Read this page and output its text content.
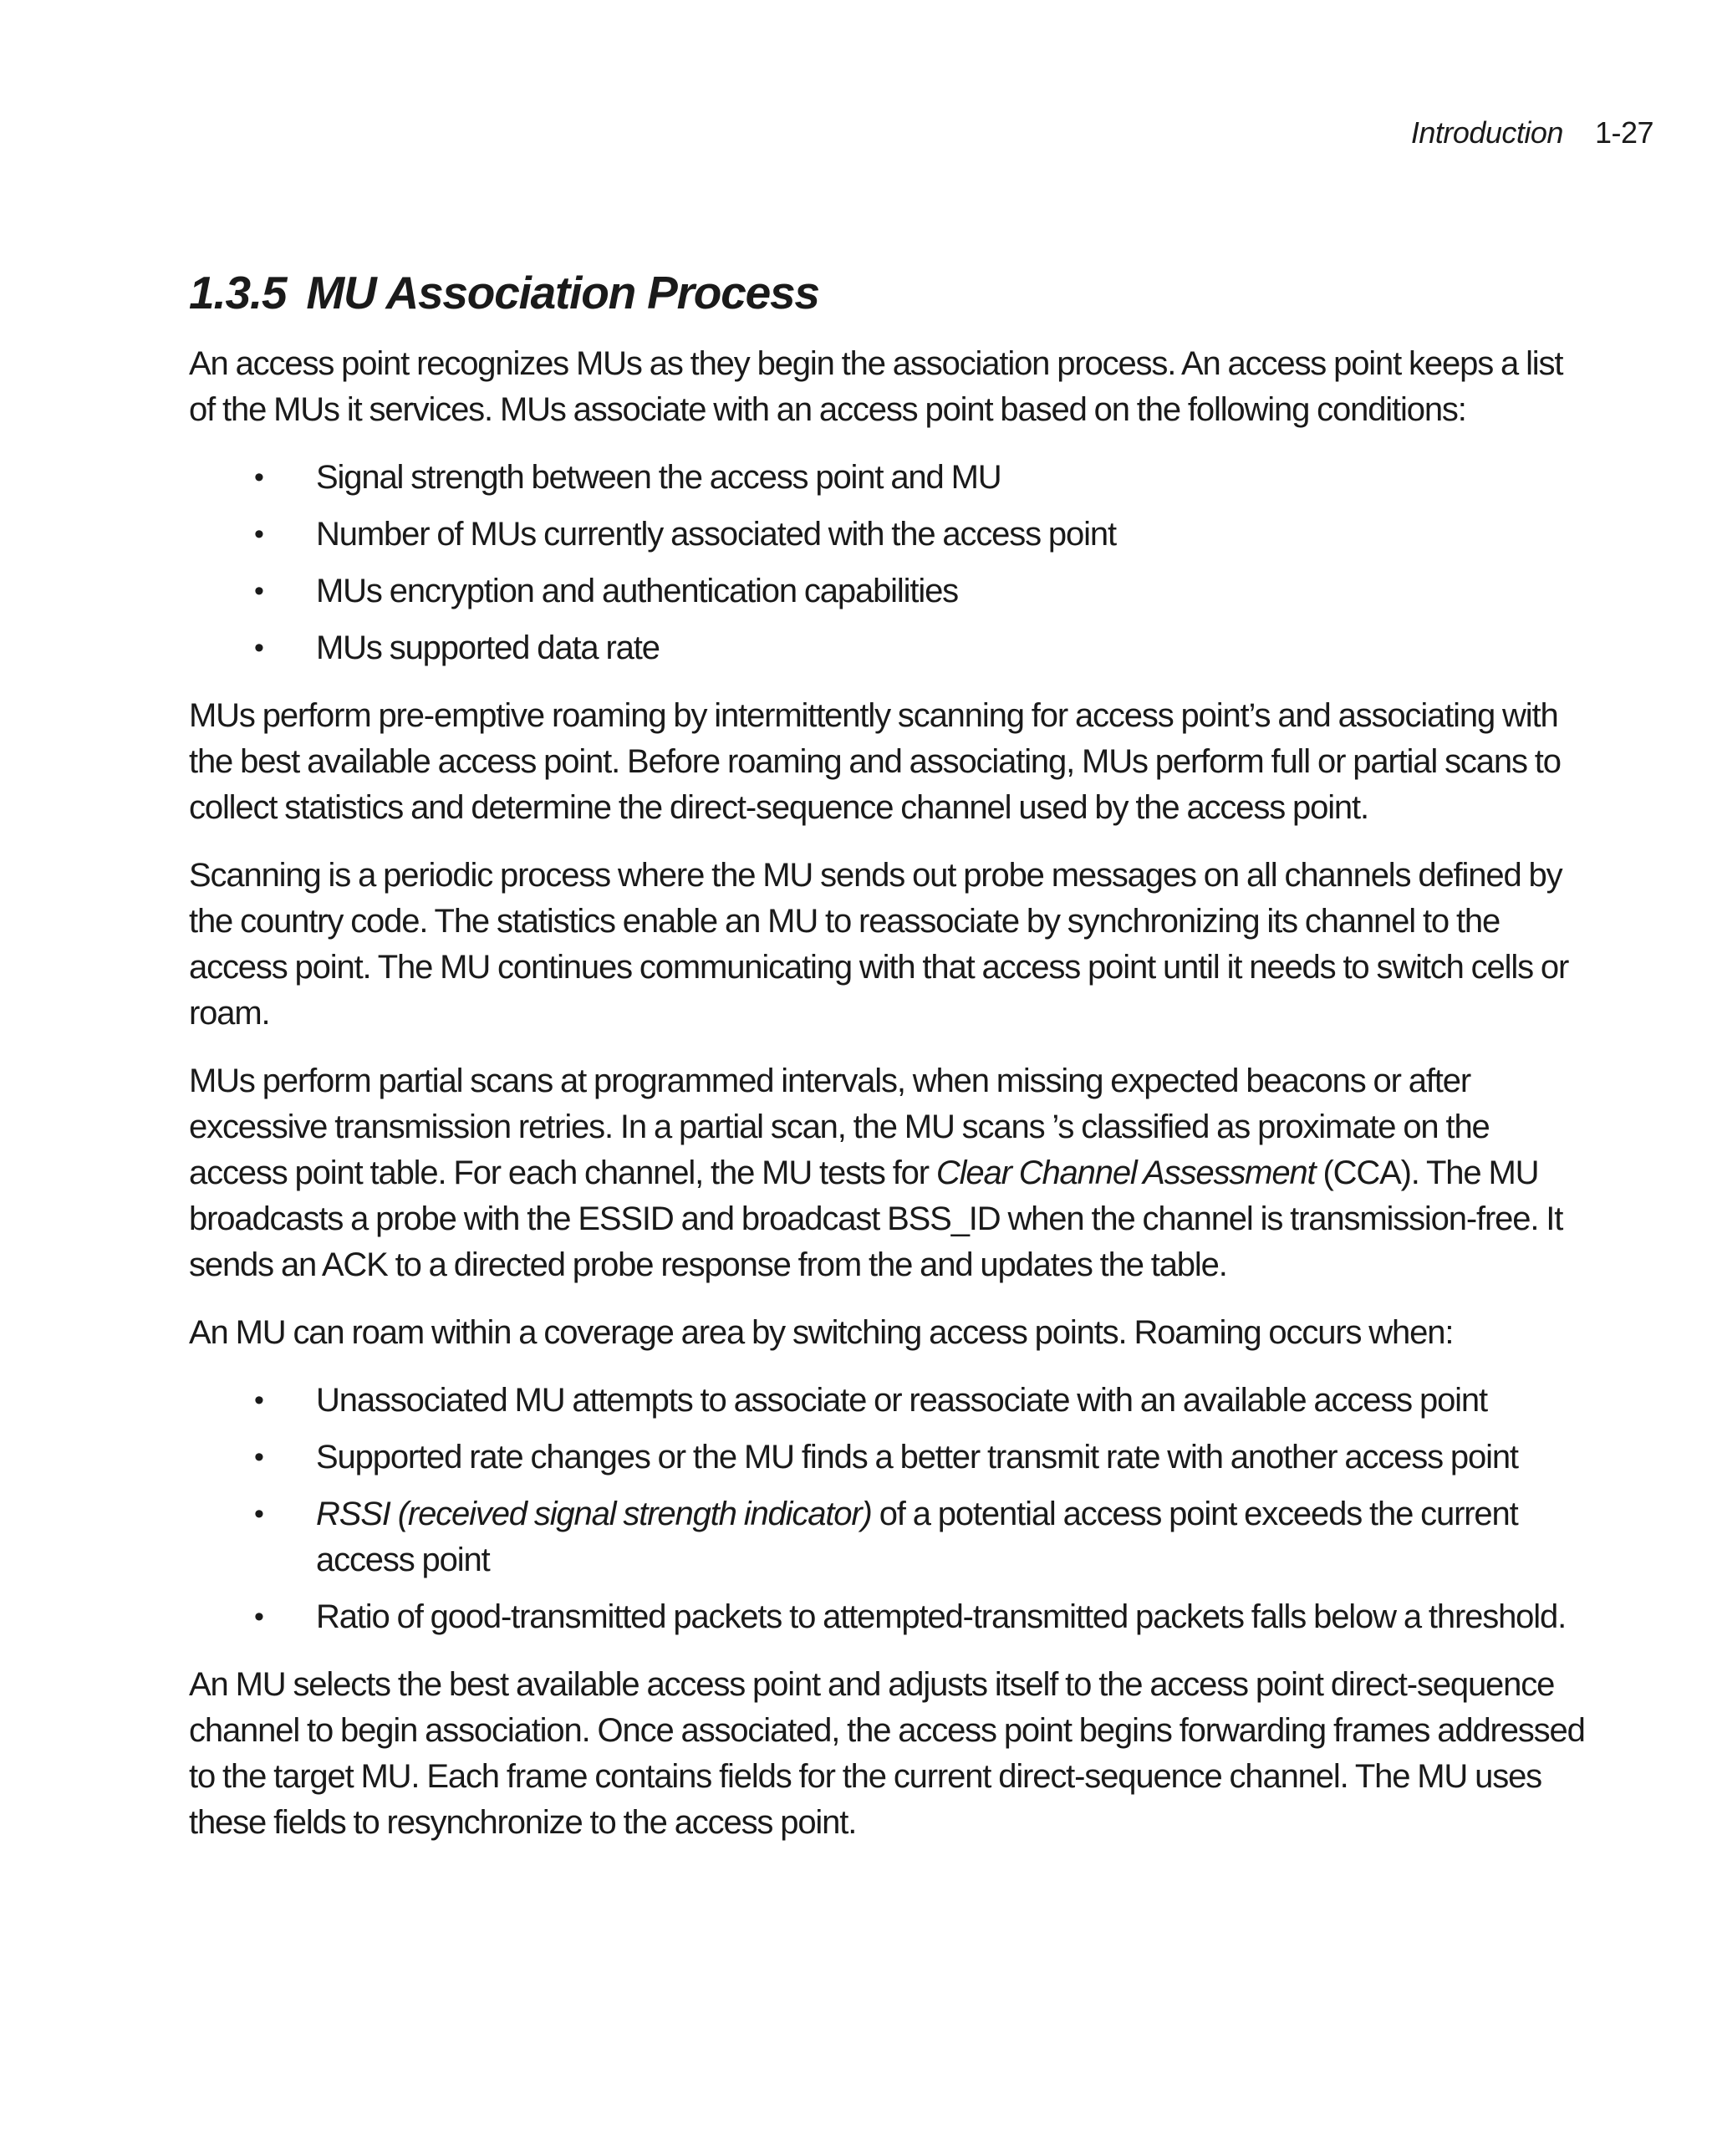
Introduction 1-27
1.3.5 MU Association Process

An access point recognizes MUs as they begin the association process. An access point keeps a list of the MUs it services. MUs associate with an access point based on the following conditions:

• Signal strength between the access point and MU
• Number of MUs currently associated with the access point
• MUs encryption and authentication capabilities
• MUs supported data rate

MUs perform pre-emptive roaming by intermittently scanning for access point’s and associating with the best available access point. Before roaming and associating, MUs perform full or partial scans to collect statistics and determine the direct-sequence channel used by the access point.

Scanning is a periodic process where the MU sends out probe messages on all channels defined by the country code. The statistics enable an MU to reassociate by synchronizing its channel to the access point. The MU continues communicating with that access point until it needs to switch cells or roam.

MUs perform partial scans at programmed intervals, when missing expected beacons or after excessive transmission retries. In a partial scan, the MU scans ’s classified as proximate on the access point table. For each channel, the MU tests for Clear Channel Assessment (CCA). The MU broadcasts a probe with the ESSID and broadcast BSS_ID when the channel is transmission-free. It sends an ACK to a directed probe response from the and updates the table.

An MU can roam within a coverage area by switching access points. Roaming occurs when:

• Unassociated MU attempts to associate or reassociate with an available access point
• Supported rate changes or the MU finds a better transmit rate with another access point
• RSSI (received signal strength indicator) of a potential access point exceeds the current access point
• Ratio of good-transmitted packets to attempted-transmitted packets falls below a threshold.

An MU selects the best available access point and adjusts itself to the access point direct-sequence channel to begin association. Once associated, the access point begins forwarding frames addressed to the target MU. Each frame contains fields for the current direct-sequence channel. The MU uses these fields to resynchronize to the access point.
